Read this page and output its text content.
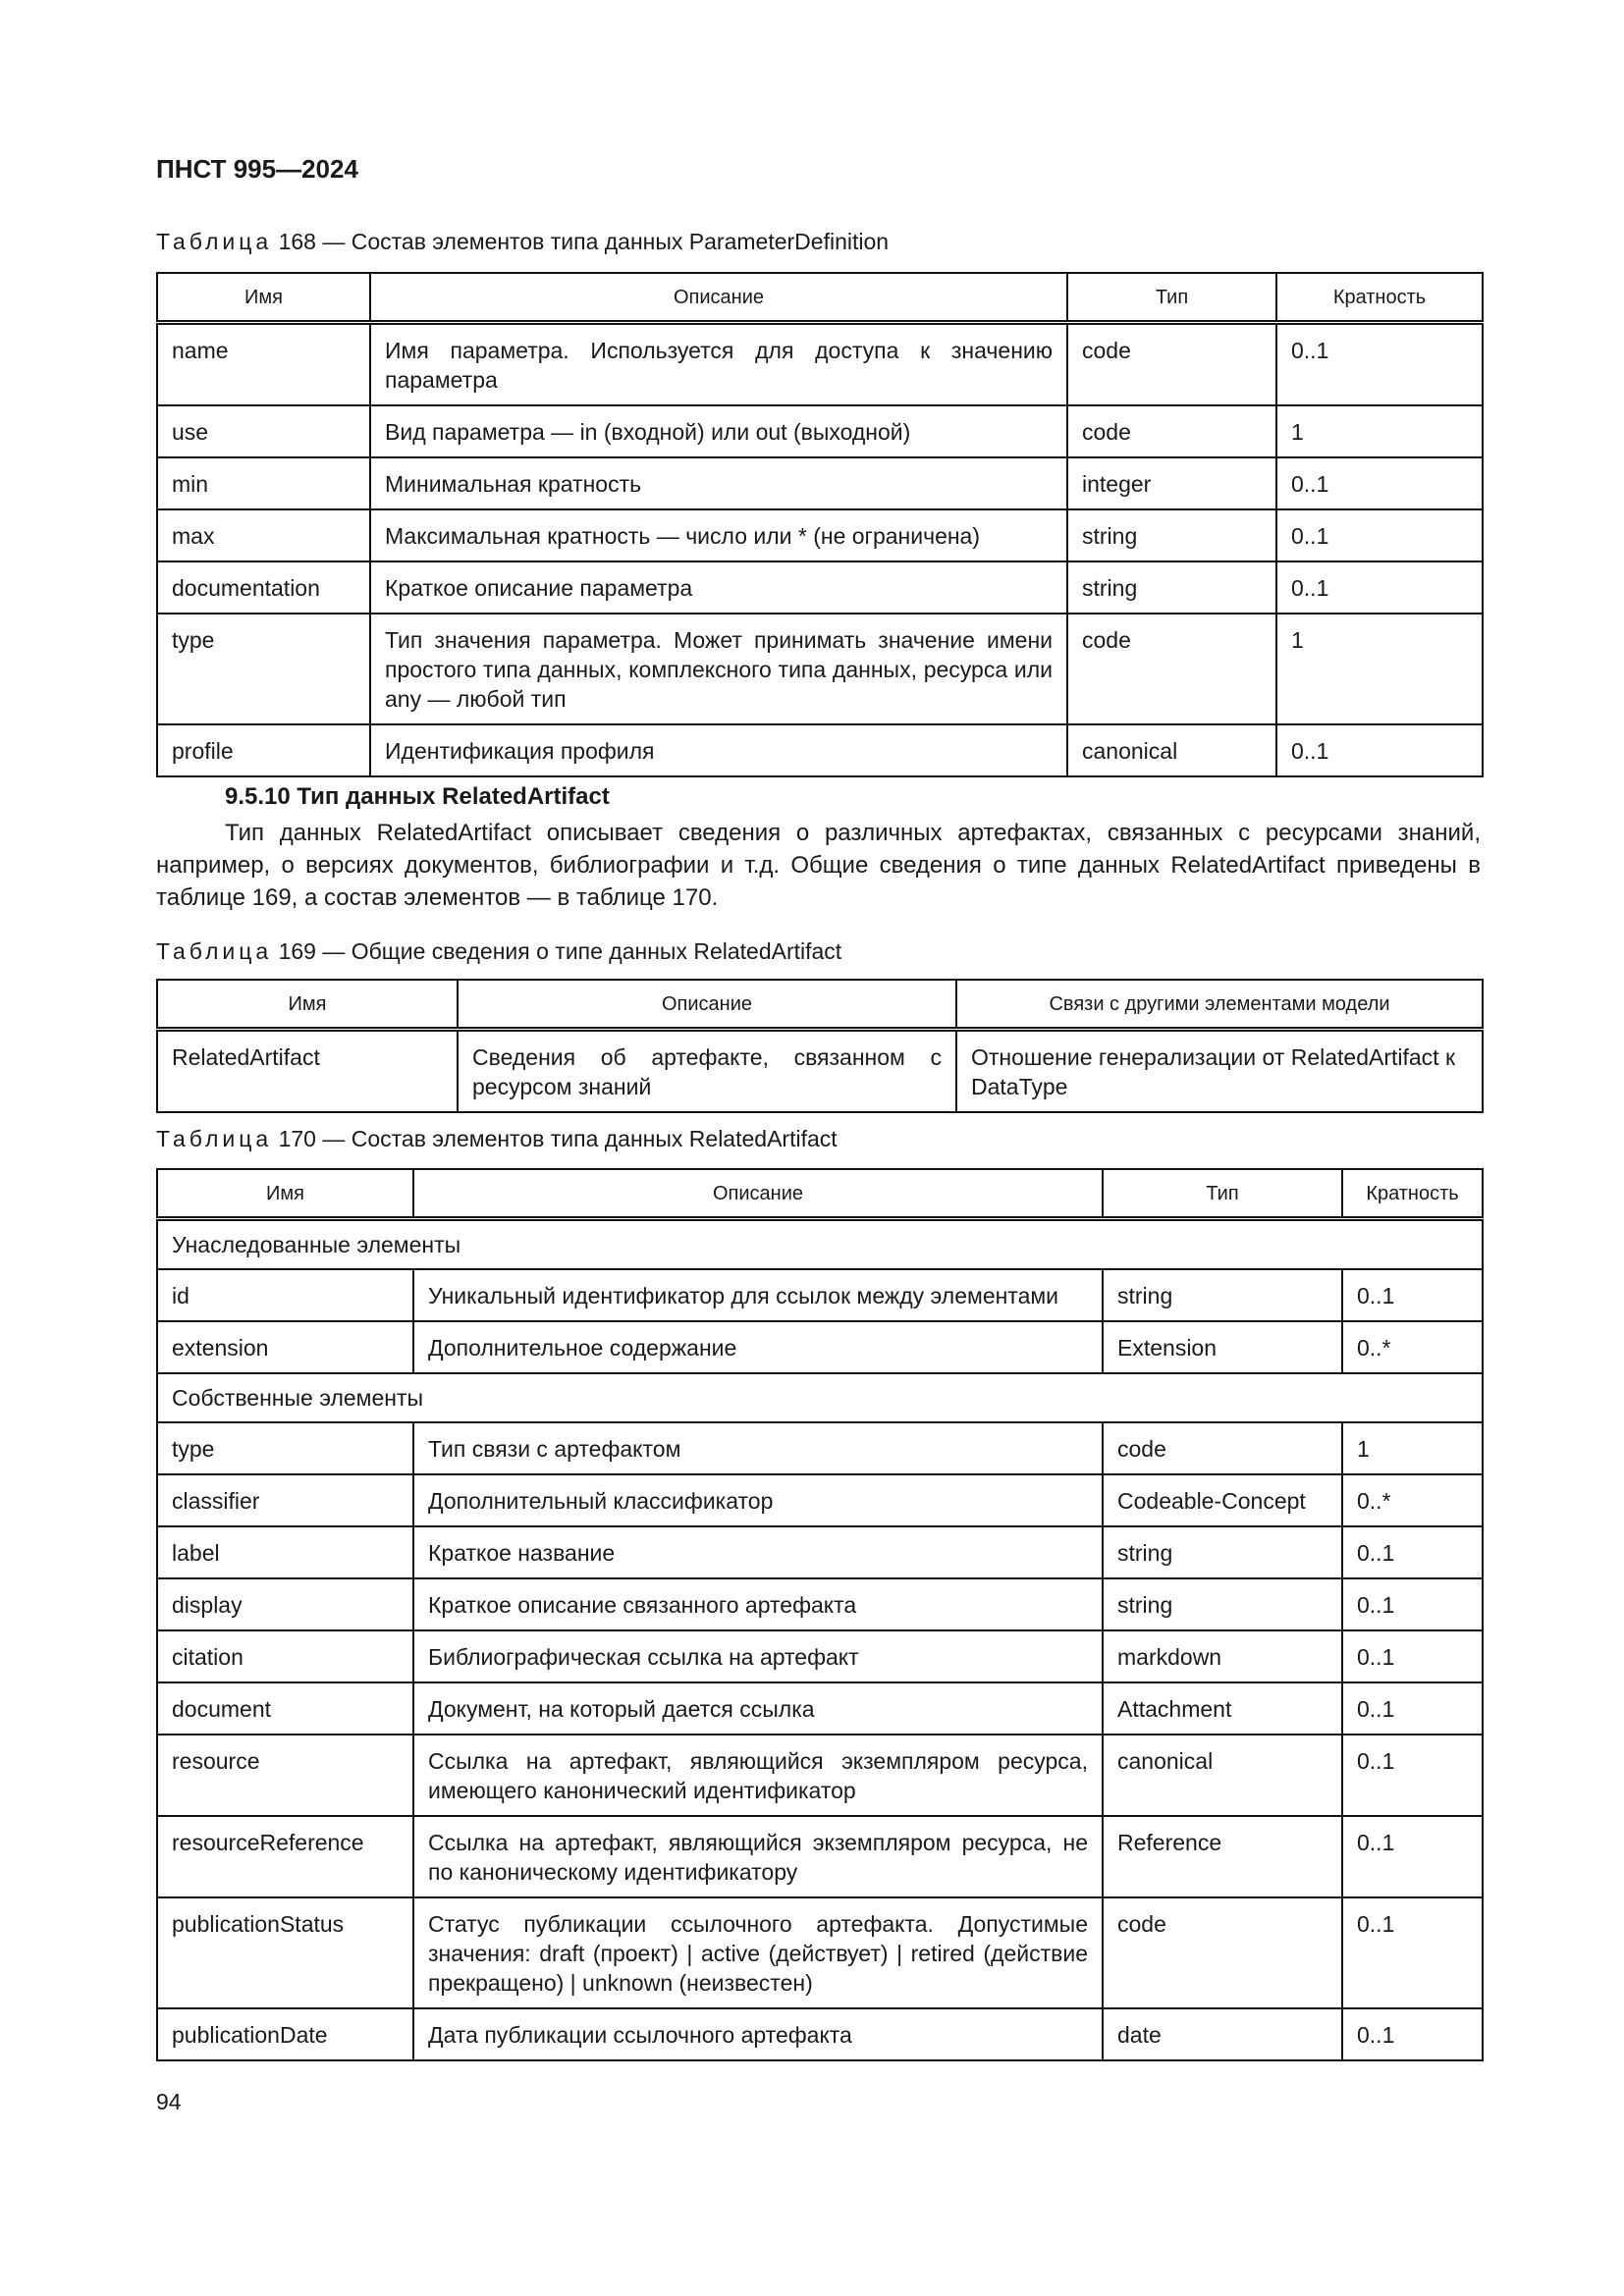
ПНСТ 995—2024
Таблица 168 — Состав элементов типа данных ParameterDefinition
Имя	Описание	Тип	Кратность
name	Имя параметра. Используется для доступа к значению параметра	code	0..1
use	Вид параметра — in (входной) или out (выходной)	code	1
min	Минимальная кратность	integer	0..1
max	Максимальная кратность — число или * (не ограничена)	string	0..1
documentation	Краткое описание параметра	string	0..1
type	Тип значения параметра. Может принимать значение имени простого типа данных, комплексного типа данных, ресурса или any — любой тип	code	1
profile	Идентификация профиля	canonical	0..1
9.5.10 Тип данных RelatedArtifact
Тип данных RelatedArtifact описывает сведения о различных артефактах, связанных с ресурсами знаний, например, о версиях документов, библиографии и т.д. Общие сведения о типе данных RelatedArtifact приведены в таблице 169, а состав элементов — в таблице 170.
Таблица 169 — Общие сведения о типе данных RelatedArtifact
Имя	Описание	Связи с другими элементами модели
RelatedArtifact	Сведения об артефакте, связанном с ресурсом знаний	Отношение генерализации от RelatedArtifact к DataType
Таблица 170 — Состав элементов типа данных RelatedArtifact
Имя	Описание	Тип	Кратность
Унаследованные элементы			
id	Уникальный идентификатор для ссылок между элементами	string	0..1
extension	Дополнительное содержание	Extension	0..*
Собственные элементы			
type	Тип связи с артефактом	code	1
classifier	Дополнительный классификатор	Codeable-Concept	0..*
label	Краткое название	string	0..1
display	Краткое описание связанного артефакта	string	0..1
citation	Библиографическая ссылка на артефакт	markdown	0..1
document	Документ, на который дается ссылка	Attachment	0..1
resource	Ссылка на артефакт, являющийся экземпляром ресурса, имеющего канонический идентификатор	canonical	0..1
resourceReference	Ссылка на артефакт, являющийся экземпляром ресурса, не по каноническому идентификатору	Reference	0..1
publicationStatus	Статус публикации ссылочного артефакта. Допустимые значения: draft (проект) | active (действует) | retired (действие прекращено) | unknown (неизвестен)	code	0..1
publicationDate	Дата публикации ссылочного артефакта	date	0..1
94
